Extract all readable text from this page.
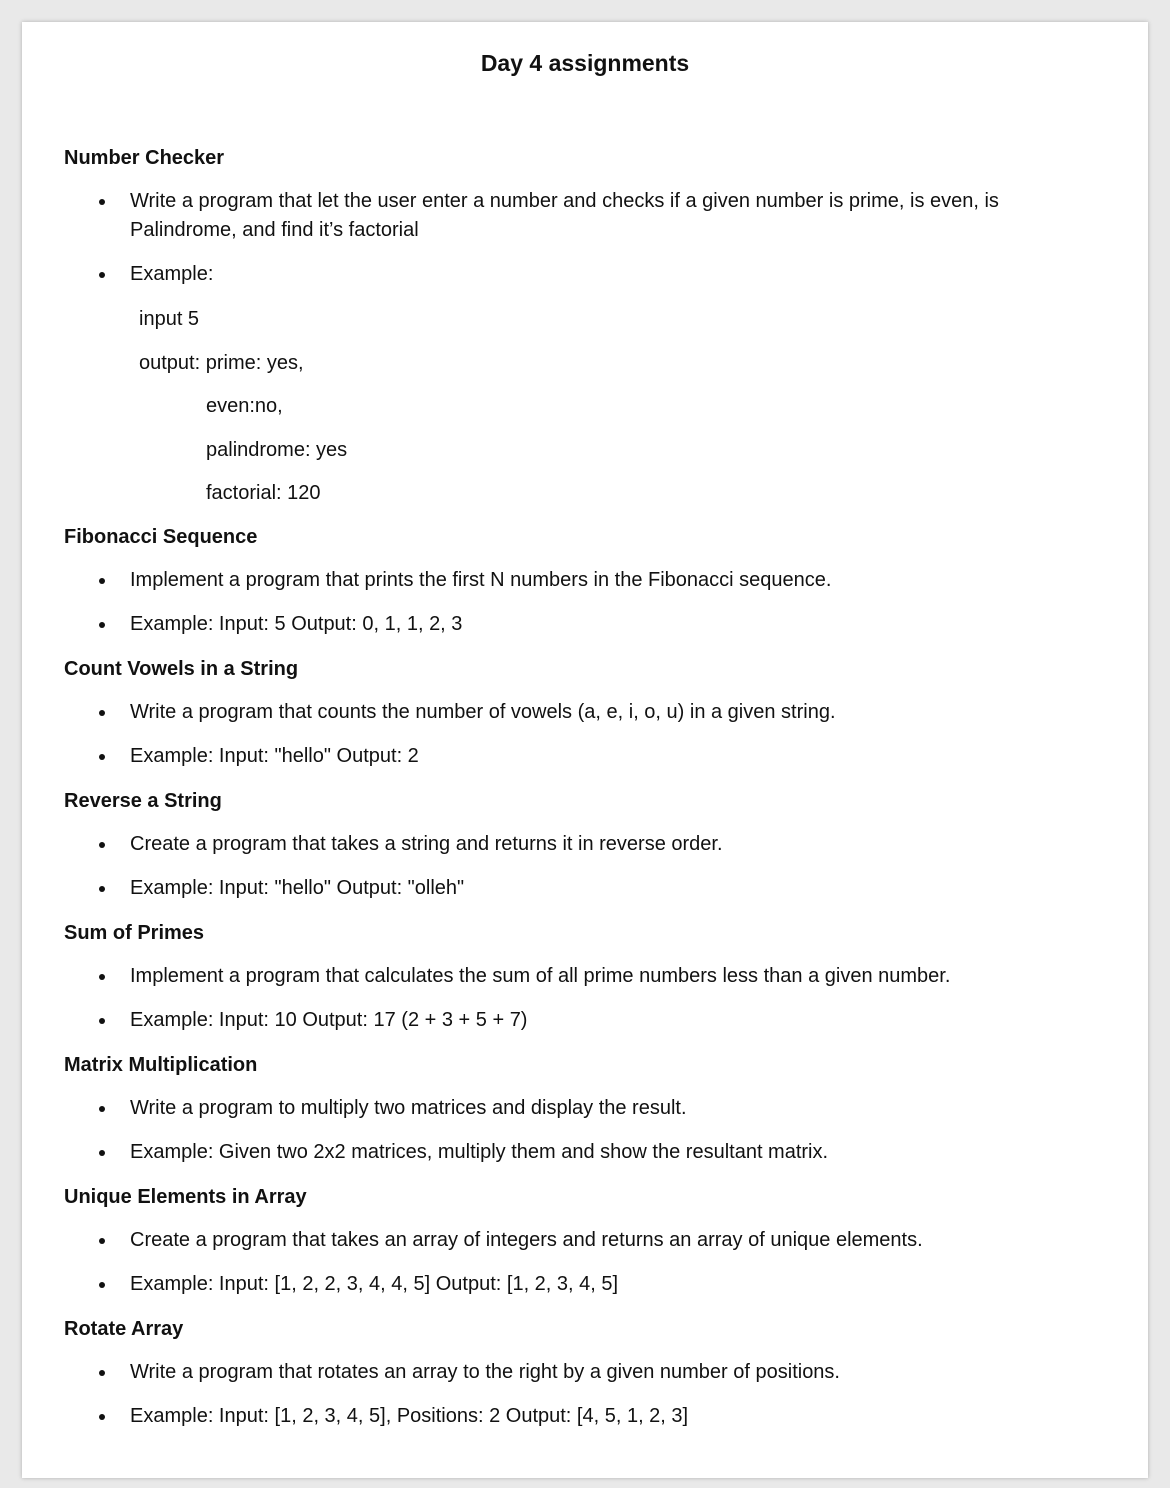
Day 4 assignments

Number Checker

Write a program that let the user enter a number and checks if a given number is prime, is even, is Palindrome, and find it’s factorial

Example:

input 5

output: prime: yes,

even:no,

palindrome: yes

factorial: 120

Fibonacci Sequence

Implement a program that prints the first N numbers in the Fibonacci sequence.

Example: Input: 5 Output: 0, 1, 1, 2, 3

Count Vowels in a String

Write a program that counts the number of vowels (a, e, i, o, u) in a given string.

Example: Input: "hello" Output: 2

Reverse a String

Create a program that takes a string and returns it in reverse order.

Example: Input: "hello" Output: "olleh"

Sum of Primes

Implement a program that calculates the sum of all prime numbers less than a given number.

Example: Input: 10 Output: 17 (2 + 3 + 5 + 7)

Matrix Multiplication

Write a program to multiply two matrices and display the result.

Example: Given two 2x2 matrices, multiply them and show the resultant matrix.

Unique Elements in Array

Create a program that takes an array of integers and returns an array of unique elements.

Example: Input: [1, 2, 2, 3, 4, 4, 5] Output: [1, 2, 3, 4, 5]

Rotate Array

Write a program that rotates an array to the right by a given number of positions.

Example: Input: [1, 2, 3, 4, 5], Positions: 2 Output: [4, 5, 1, 2, 3]
